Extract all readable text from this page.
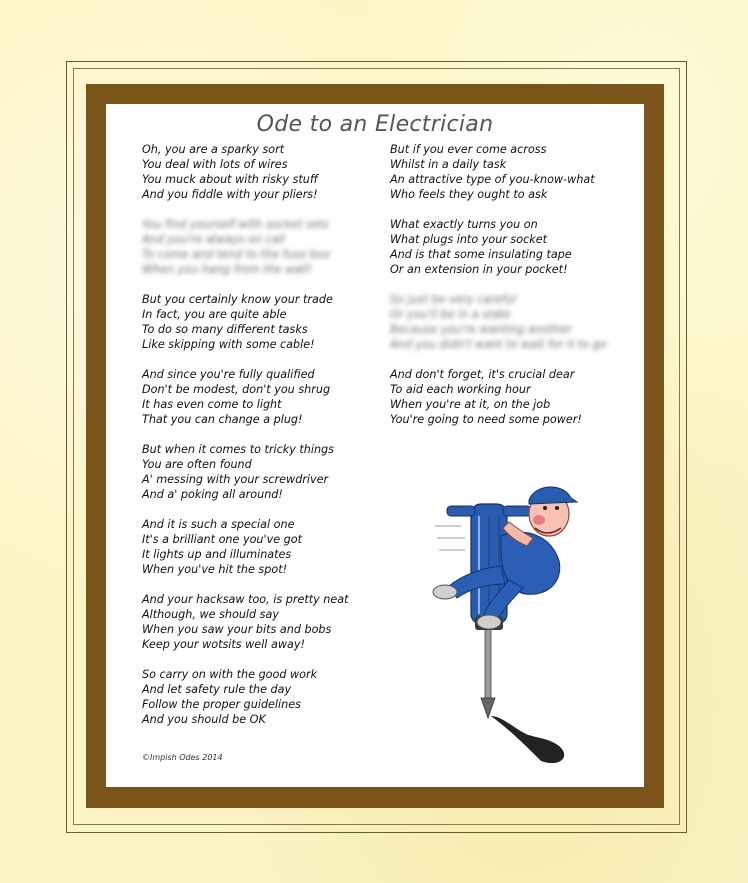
Ode to an Electrician
Oh, you are a sparky sort
You deal with lots of wires
You muck about with risky stuff
And you fiddle with your pliers!
You find yourself with socket sets
And you're always on call
To come and tend to the fuse box
When you hang from the wall!
But you certainly know your trade
In fact, you are quite able
To do so many different tasks
Like skipping with some cable!
And since you're fully qualified
Don't be modest, don't you shrug
It has even come to light
That you can change a plug!
But when it comes to tricky things
You are often found
A' messing with your screwdriver
And a' poking all around!
And it is such a special one
It's a brilliant one you've got
It lights up and illuminates
When you've hit the spot!
And your hacksaw too, is pretty neat
Although, we should say
When you saw your bits and bobs
Keep your wotsits well away!
So carry on with the good work
And let safety rule the day
Follow the proper guidelines
And you should be OK
But if you ever come across
Whilst in a daily task
An attractive type of you-know-what
Who feels they ought to ask
What exactly turns you on
What plugs into your socket
And is that some insulating tape
Or an extension in your pocket!
So just be very careful
Or you'll be in a state
Because you're wanting another
And you didn't want to wait for it to go
And don't forget, it's crucial dear
To aid each working hour
When you're at it, on the job
You're going to need some power!
©Impish Odes 2014
